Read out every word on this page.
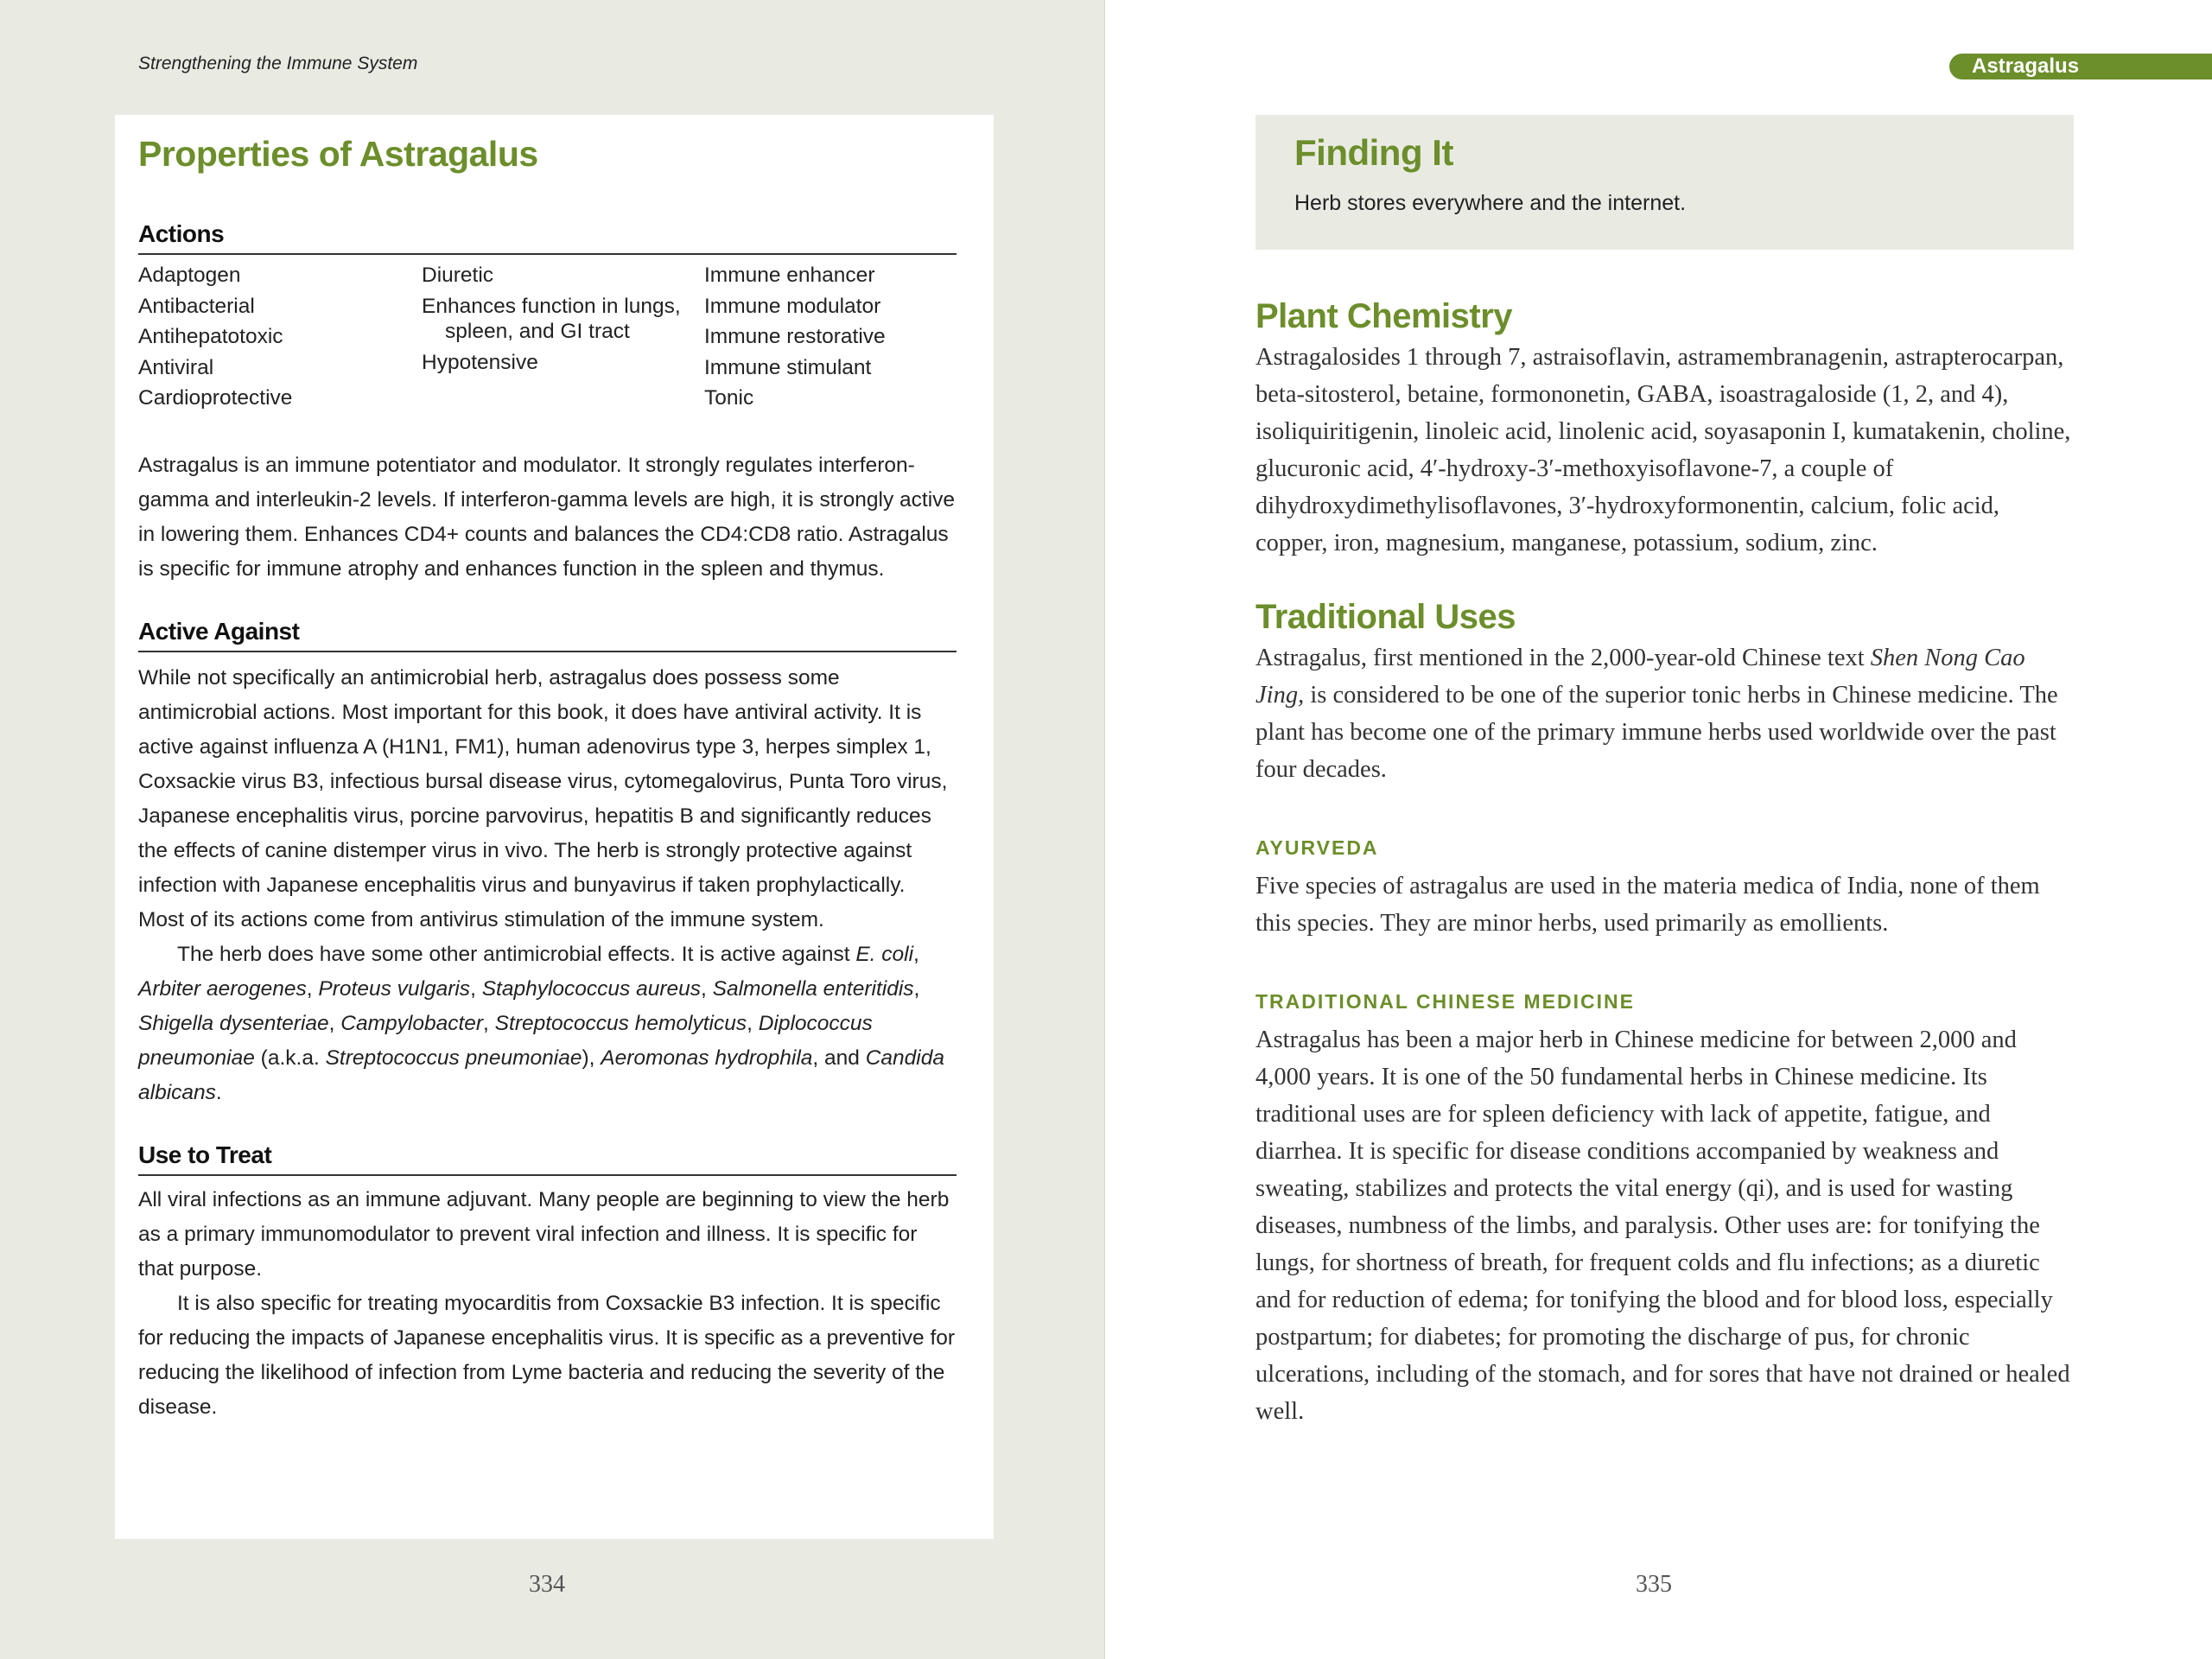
Strengthening the Immune System
Properties of Astragalus
Actions
Adaptogen
Antibacterial
Antihepatotoxic
Antiviral
Cardioprotective
Diuretic
Enhances function in lungs, spleen, and GI tract
Hypotensive
Immune enhancer
Immune modulator
Immune restorative
Immune stimulant
Tonic

Astragalus is an immune potentiator and modulator. It strongly regulates interferon-gamma and interleukin-2 levels. If interferon-gamma levels are high, it is strongly active in lowering them. Enhances CD4+ counts and balances the CD4:CD8 ratio. Astragalus is specific for immune atrophy and enhances function in the spleen and thymus.

Active Against

While not specifically an antimicrobial herb, astragalus does possess some antimicrobial actions. Most important for this book, it does have antiviral activity. It is active against influenza A (H1N1, FM1), human adenovirus type 3, herpes simplex 1, Coxsackie virus B3, infectious bursal disease virus, cytomegalovirus, Punta Toro virus, Japanese encephalitis virus, porcine parvovirus, hepatitis B and significantly reduces the effects of canine distemper virus in vivo. The herb is strongly protective against infection with Japanese encephalitis virus and bunyavirus if taken prophylactically. Most of its actions come from antivirus stimulation of the immune system.

The herb does have some other antimicrobial effects. It is active against E. coli, Arbiter aerogenes, Proteus vulgaris, Staphylococcus aureus, Salmonella enteritidis, Shigella dysenteriae, Campylobacter, Streptococcus hemolyticus, Diplococcus pneumoniae (a.k.a. Streptococcus pneumoniae), Aeromonas hydrophila, and Candida albicans.

Use to Treat

All viral infections as an immune adjuvant. Many people are beginning to view the herb as a primary immunomodulator to prevent viral infection and illness. It is specific for that purpose.

It is also specific for treating myocarditis from Coxsackie B3 infection. It is specific for reducing the impacts of Japanese encephalitis virus. It is specific as a preventive for reducing the likelihood of infection from Lyme bacteria and reducing the severity of the disease.

334
Astragalus
335
Finding It
Herb stores everywhere and the internet.
Plant Chemistry

Astragalosides 1 through 7, astraisoflavin, astramembranagenin, astrapterocarpan, beta-sitosterol, betaine, formononetin, GABA, isoastragaloside (1, 2, and 4), isoliquiritigenin, linoleic acid, linolenic acid, soyasaponin I, kumatakenin, choline, glucuronic acid, 4′-hydroxy-3′-methoxyisoflavone-7, a couple of dihydroxydimethylisoflavones, 3′-hydroxyformonentin, calcium, folic acid, copper, iron, magnesium, manganese, potassium, sodium, zinc.

Traditional Uses

Astragalus, first mentioned in the 2,000-year-old Chinese text Shen Nong Cao Jing, is considered to be one of the superior tonic herbs in Chinese medicine. The plant has become one of the primary immune herbs used worldwide over the past four decades.

AYURVEDA

Five species of astragalus are used in the materia medica of India, none of them this species. They are minor herbs, used primarily as emollients.

TRADITIONAL CHINESE MEDICINE

Astragalus has been a major herb in Chinese medicine for between 2,000 and 4,000 years. It is one of the 50 fundamental herbs in Chinese medicine. Its traditional uses are for spleen deficiency with lack of appetite, fatigue, and diarrhea. It is specific for disease conditions accompanied by weakness and sweating, stabilizes and protects the vital energy (qi), and is used for wasting diseases, numbness of the limbs, and paralysis. Other uses are: for tonifying the lungs, for shortness of breath, for frequent colds and flu infections; as a diuretic and for reduction of edema; for tonifying the blood and for blood loss, especially postpartum; for diabetes; for promoting the discharge of pus, for chronic ulcerations, including of the stomach, and for sores that have not drained or healed well.
